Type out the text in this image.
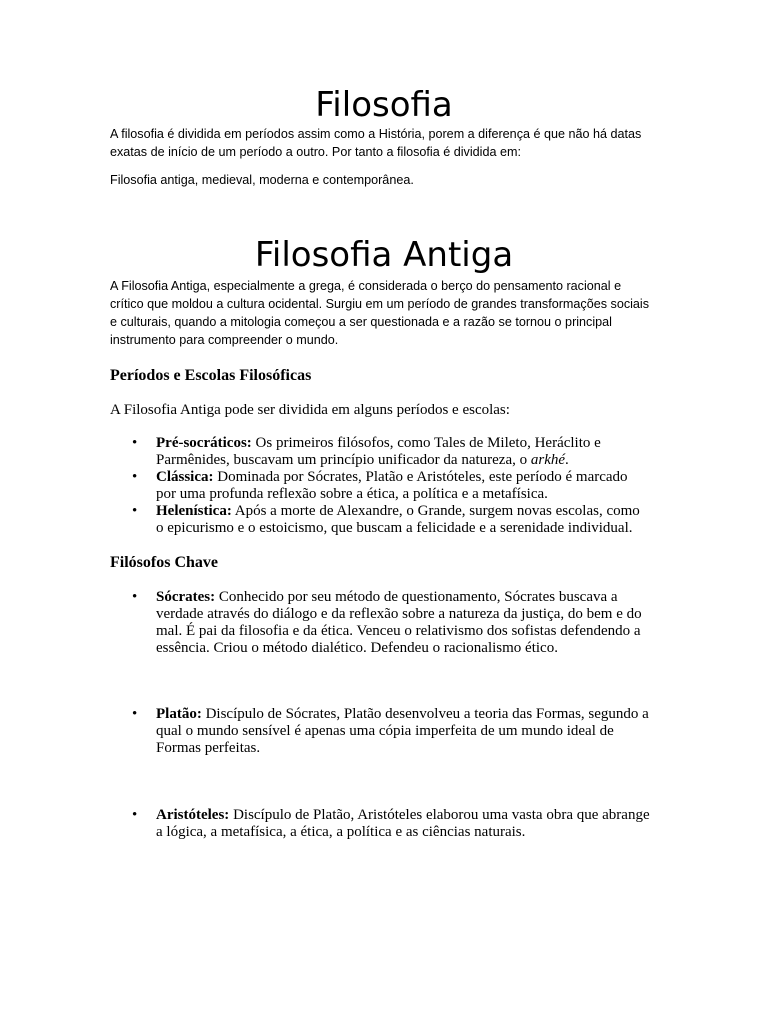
Filosofia

A filosofia é dividida em períodos assim como a História, porem a diferença é que não há datas exatas de início de um período a outro. Por tanto a filosofia é dividida em:

Filosofia antiga, medieval, moderna e contemporânea.

Filosofia Antiga

A Filosofia Antiga, especialmente a grega, é considerada o berço do pensamento racional e crítico que moldou a cultura ocidental. Surgiu em um período de grandes transformações sociais e culturais, quando a mitologia começou a ser questionada e a razão se tornou o principal instrumento para compreender o mundo.

Períodos e Escolas Filosóficas

A Filosofia Antiga pode ser dividida em alguns períodos e escolas:

• Pré-socráticos: Os primeiros filósofos, como Tales de Mileto, Heráclito e Parmênides, buscavam um princípio unificador da natureza, o arkhé.
• Clássica: Dominada por Sócrates, Platão e Aristóteles, este período é marcado por uma profunda reflexão sobre a ética, a política e a metafísica.
• Helenística: Após a morte de Alexandre, o Grande, surgem novas escolas, como o epicurismo e o estoicismo, que buscam a felicidade e a serenidade individual.
Filósofos Chave
• Sócrates: Conhecido por seu método de questionamento, Sócrates buscava a verdade através do diálogo e da reflexão sobre a natureza da justiça, do bem e do mal. É pai da filosofia e da ética. Venceu o relativismo dos sofistas defendendo a essência. Criou o método dialético. Defendeu o racionalismo ético.
• Platão: Discípulo de Sócrates, Platão desenvolveu a teoria das Formas, segundo a qual o mundo sensível é apenas uma cópia imperfeita de um mundo ideal de Formas perfeitas.
• Aristóteles: Discípulo de Platão, Aristóteles elaborou uma vasta obra que abrange a lógica, a metafísica, a ética, a política e as ciências naturais.
